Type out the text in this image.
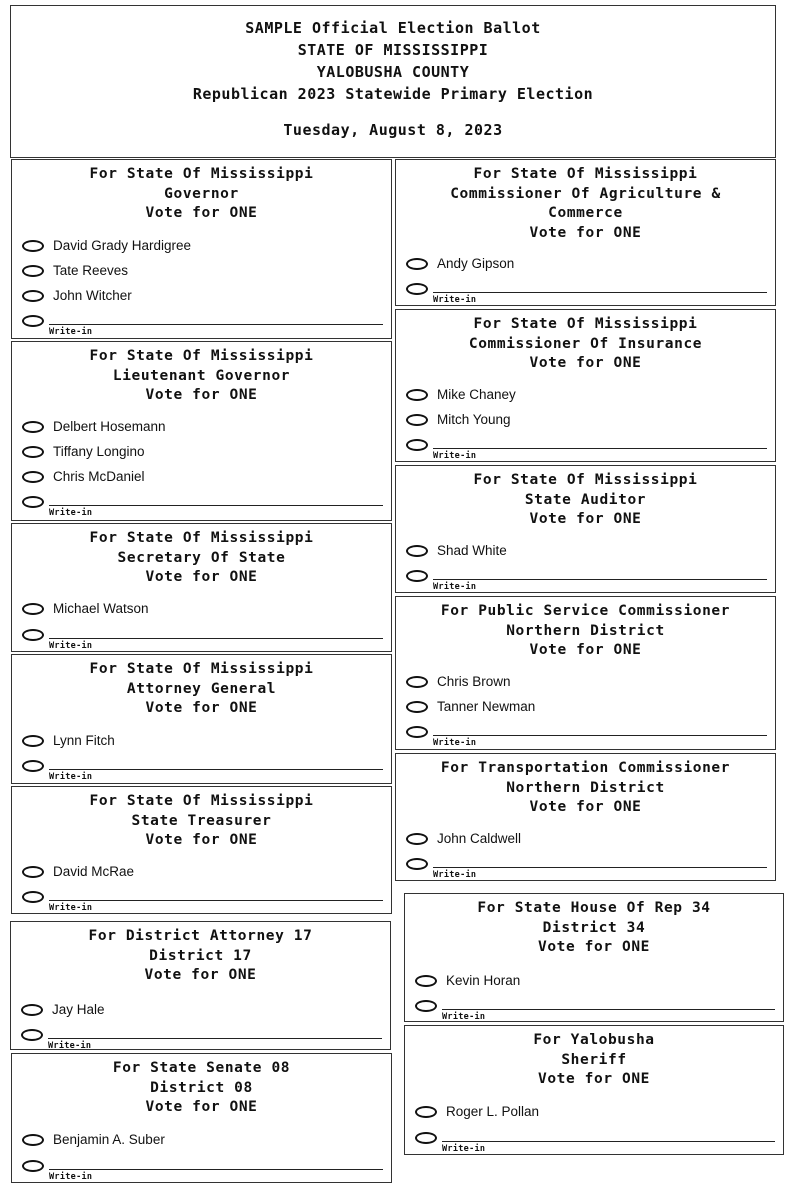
SAMPLE Official Election Ballot
STATE OF MISSISSIPPI
YALOBUSHA COUNTY
Republican 2023 Statewide Primary Election
Tuesday, August 8, 2023
For State Of Mississippi
Governor
Vote for ONE
David Grady Hardigree
Tate Reeves
John Witcher
Write-in
For State Of Mississippi
Lieutenant Governor
Vote for ONE
Delbert Hosemann
Tiffany Longino
Chris McDaniel
Write-in
For State Of Mississippi
Secretary Of State
Vote for ONE
Michael Watson
Write-in
For State Of Mississippi
Attorney General
Vote for ONE
Lynn Fitch
Write-in
For State Of Mississippi
State Treasurer
Vote for ONE
David McRae
Write-in
For District Attorney 17
District 17
Vote for ONE
Jay Hale
Write-in
For State Senate 08
District 08
Vote for ONE
Benjamin A. Suber
Write-in
For State Of Mississippi
Commissioner Of Agriculture &
Commerce
Vote for ONE
Andy Gipson
Write-in
For State Of Mississippi
Commissioner Of Insurance
Vote for ONE
Mike Chaney
Mitch Young
Write-in
For State Of Mississippi
State Auditor
Vote for ONE
Shad White
Write-in
For Public Service Commissioner
Northern District
Vote for ONE
Chris Brown
Tanner Newman
Write-in
For Transportation Commissioner
Northern District
Vote for ONE
John Caldwell
Write-in
For State House Of Rep 34
District 34
Vote for ONE
Kevin Horan
Write-in
For Yalobusha
Sheriff
Vote for ONE
Roger L. Pollan
Write-in
